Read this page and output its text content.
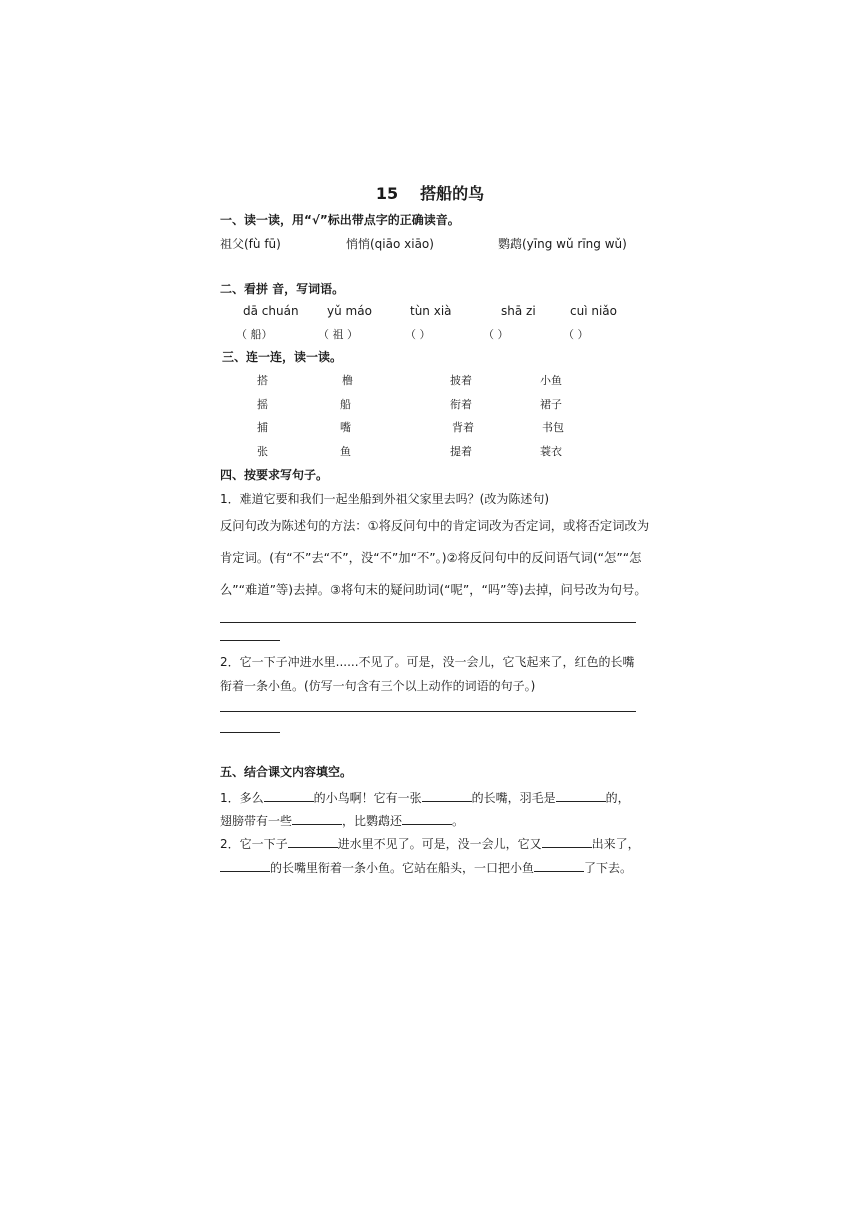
15 搭船的鸟
一、读一读，用“√”标出带点字的正确读音。
祖父(fù fū)	悄悄(qiāo xiāo)	鹦鹉(yīng wǔ rīng wǔ)
二、看拼 音，写词语。
dā chuán yǔ máo	tùn xià	shā zi	cuì niǎo
（ 船）	（ 祖 ）	（ ）	（ ）	（ ）
三、连一连，读一读。
搭	橹	披着	小鱼
摇	船	衔着	裙子
捕	嘴	背着	书包
张	鱼	提着	蓑衣
四、按要求写句子。
1．难道它要和我们一起坐船到外祖父家里去吗？(改为陈述句)
反问句改为陈述句的方法：①将反问句中的肯定词改为否定词，或将否定词改为
肯定词。(有“不”去“不”，没“不”加“不”。)②将反问句中的反问语气词(“怎”“怎
么”“难道”等)去掉。③将句末的疑问助词(“呢”，“吗”等)去掉，问号改为句号。
2．它一下子冲进水里......不见了。可是，没一会儿，它飞起来了，红色的长嘴
衔着一条小鱼。(仿写一句含有三个以上动作的词语的句子。)
五、结合课文内容填空。
1．多么	的小鸟啊！它有一张	的长嘴，羽毛是	的，
翅膀带有一些	，比鹦鹉还	。
2．它一下子	进水里不见了。可是，没一会儿，它又	出来了，
的长嘴里衔着一条小鱼。它站在船头，一口把小鱼	了下去。
